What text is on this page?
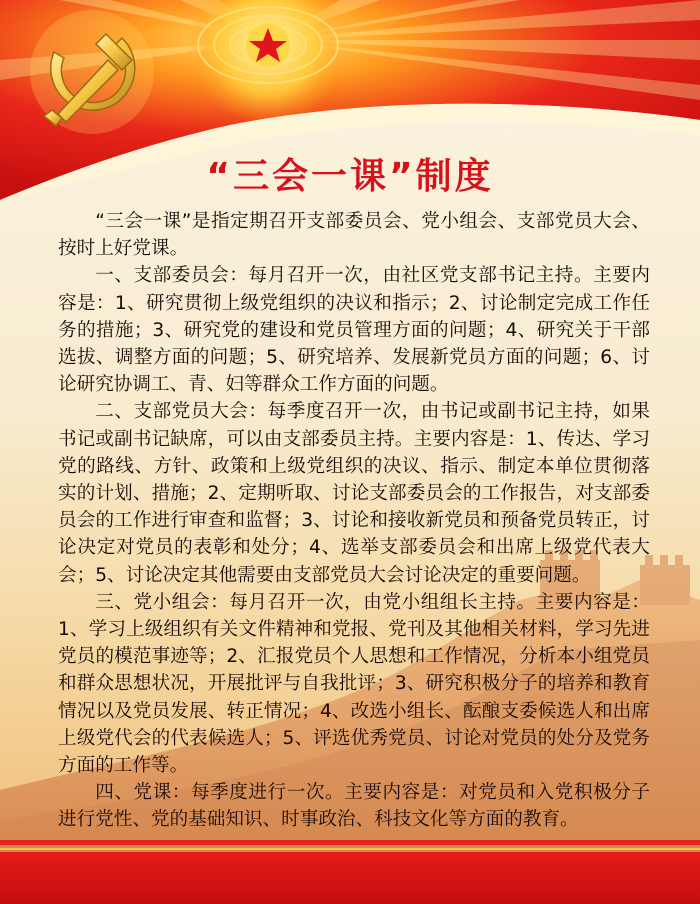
“三会一课”制度

“三会一课”是指定期召开支部委员会、党小组会、支部党员大会、按时上好党课。

一、支部委员会：每月召开一次，由社区党支部书记主持。主要内容是：1、研究贯彻上级党组织的决议和指示；2、讨论制定完成工作任务的措施；3、研究党的建设和党员管理方面的问题；4、研究关于干部选拔、调整方面的问题；5、研究培养、发展新党员方面的问题；6、讨论研究协调工、青、妇等群众工作方面的问题。

二、支部党员大会：每季度召开一次，由书记或副书记主持，如果书记或副书记缺席，可以由支部委员主持。主要内容是：1、传达、学习党的路线、方针、政策和上级党组织的决议、指示、制定本单位贯彻落实的计划、措施；2、定期听取、讨论支部委员会的工作报告，对支部委员会的工作进行审查和监督；3、讨论和接收新党员和预备党员转正，讨论决定对党员的表彰和处分；4、选举支部委员会和出席上级党代表大会；5、讨论决定其他需要由支部党员大会讨论决定的重要问题。

三、党小组会：每月召开一次，由党小组组长主持。主要内容是：1、学习上级组织有关文件精神和党报、党刊及其他相关材料，学习先进党员的模范事迹等；2、汇报党员个人思想和工作情况，分析本小组党员和群众思想状况，开展批评与自我批评；3、研究积极分子的培养和教育情况以及党员发展、转正情况；4、改选小组长、酝酿支委候选人和出席上级党代会的代表候选人；5、评选优秀党员、讨论对党员的处分及党务方面的工作等。

四、党课：每季度进行一次。主要内容是：对党员和入党积极分子进行党性、党的基础知识、时事政治、科技文化等方面的教育。
